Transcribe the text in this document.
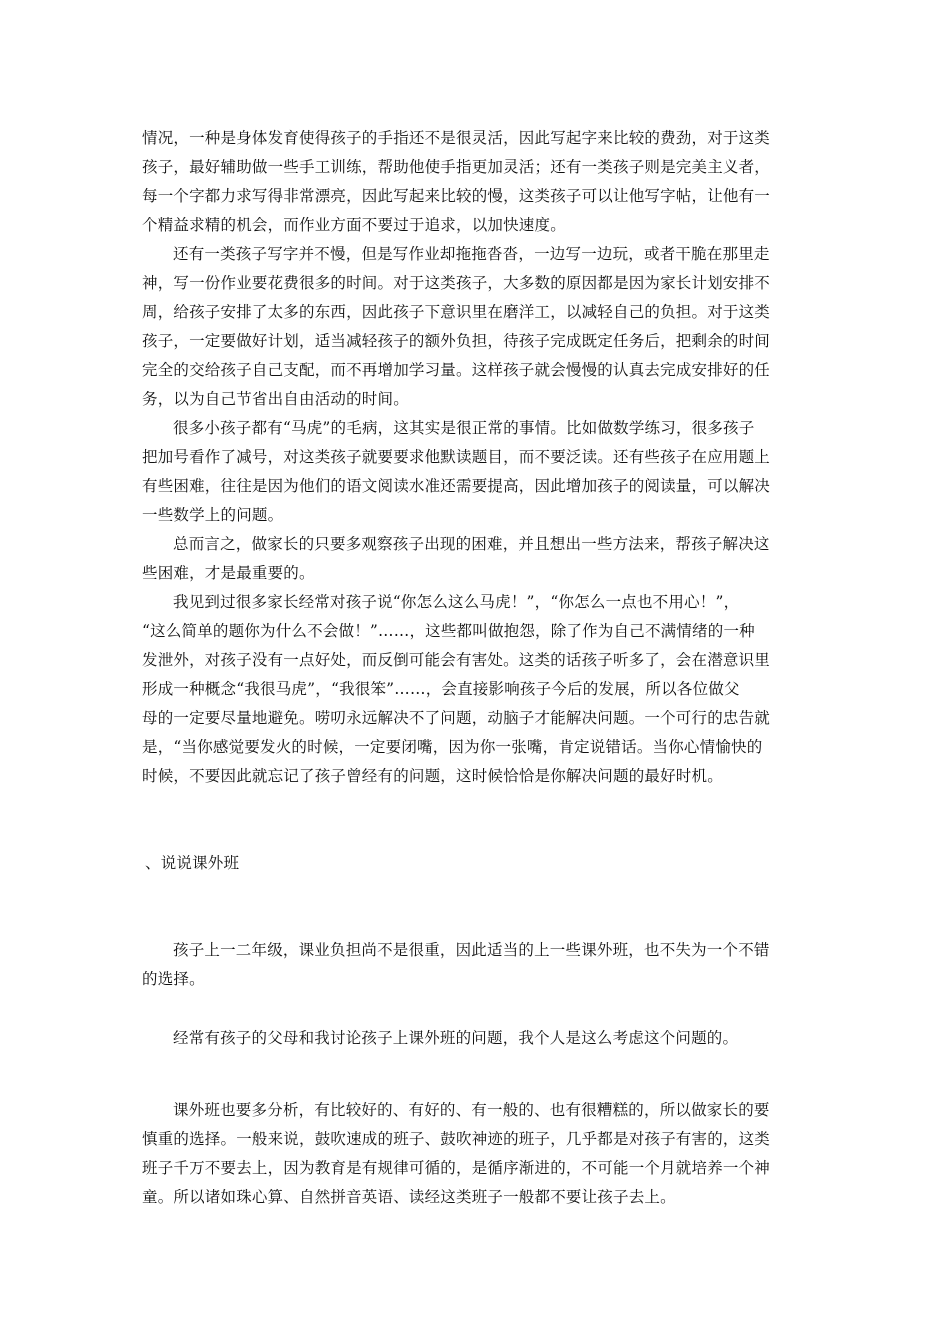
情况，一种是身体发育使得孩子的手指还不是很灵活，因此写起字来比较的费劲，对于这类
孩子，最好辅助做一些手工训练，帮助他使手指更加灵活；还有一类孩子则是完美主义者，
每一个字都力求写得非常漂亮，因此写起来比较的慢，这类孩子可以让他写字帖，让他有一
个精益求精的机会，而作业方面不要过于追求，以加快速度。
还有一类孩子写字并不慢，但是写作业却拖拖沓沓，一边写一边玩，或者干脆在那里走
神，写一份作业要花费很多的时间。对于这类孩子，大多数的原因都是因为家长计划安排不
周，给孩子安排了太多的东西，因此孩子下意识里在磨洋工，以减轻自己的负担。对于这类
孩子，一定要做好计划，适当减轻孩子的额外负担，待孩子完成既定任务后，把剩余的时间
完全的交给孩子自己支配，而不再增加学习量。这样孩子就会慢慢的认真去完成安排好的任
务，以为自己节省出自由活动的时间。
很多小孩子都有“马虎”的毛病，这其实是很正常的事情。比如做数学练习，很多孩子
把加号看作了减号，对这类孩子就要要求他默读题目，而不要泛读。还有些孩子在应用题上
有些困难，往往是因为他们的语文阅读水准还需要提高，因此增加孩子的阅读量，可以解决
一些数学上的问题。
总而言之，做家长的只要多观察孩子出现的困难，并且想出一些方法来，帮孩子解决这
些困难，才是最重要的。
我见到过很多家长经常对孩子说“你怎么这么马虎！”，“你怎么一点也不用心！”，
“这么简单的题你为什么不会做！”……，这些都叫做抱怨，除了作为自己不满情绪的一种
发泄外，对孩子没有一点好处，而反倒可能会有害处。这类的话孩子听多了，会在潜意识里
形成一种概念“我很马虎”，“我很笨”……，会直接影响孩子今后的发展，所以各位做父
母的一定要尽量地避免。唠叨永远解决不了问题，动脑子才能解决问题。一个可行的忠告就
是，“当你感觉要发火的时候，一定要闭嘴，因为你一张嘴，肯定说错话。当你心情愉快的
时候，不要因此就忘记了孩子曾经有的问题，这时候恰恰是你解决问题的最好时机。
、说说课外班
孩子上一二年级，课业负担尚不是很重，因此适当的上一些课外班，也不失为一个不错
的选择。
经常有孩子的父母和我讨论孩子上课外班的问题，我个人是这么考虑这个问题的。
课外班也要多分析，有比较好的、有好的、有一般的、也有很糟糕的，所以做家长的要
慎重的选择。一般来说，鼓吹速成的班子、鼓吹神迹的班子，几乎都是对孩子有害的，这类
班子千万不要去上，因为教育是有规律可循的，是循序渐进的，不可能一个月就培养一个神
童。所以诸如珠心算、自然拼音英语、读经这类班子一般都不要让孩子去上。
